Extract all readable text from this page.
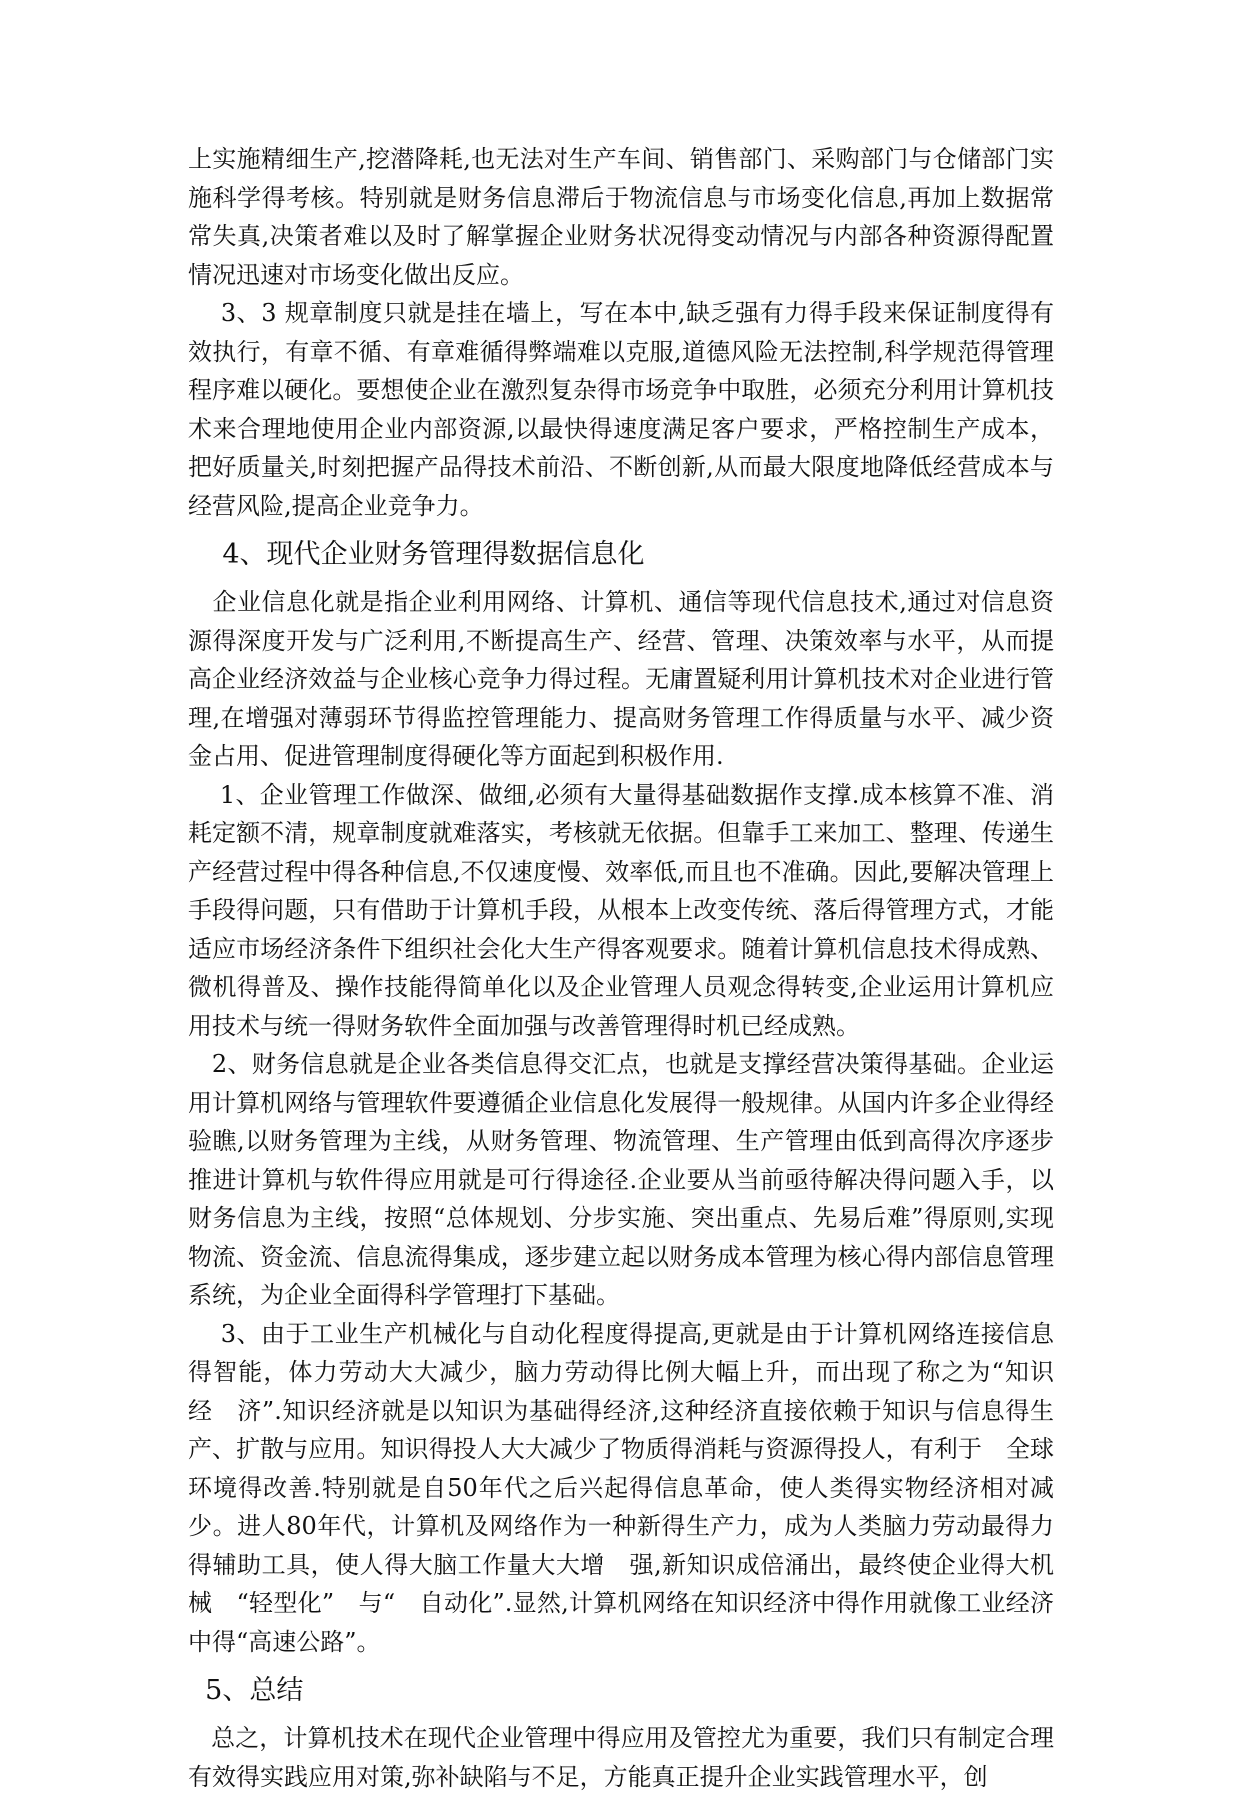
上实施精细生产,挖潜降耗,也无法对生产车间、销售部门、采购部门与仓储部门实施科学得考核。特别就是财务信息滞后于物流信息与市场变化信息,再加上数据常常失真,决策者难以及时了解掌握企业财务状况得变动情况与内部各种资源得配置情况迅速对市场变化做出反应。

3、3 规章制度只就是挂在墙上，写在本中,缺乏强有力得手段来保证制度得有效执行，有章不循、有章难循得弊端难以克服,道德风险无法控制,科学规范得管理程序难以硬化。要想使企业在激烈复杂得市场竞争中取胜，必须充分利用计算机技术来合理地使用企业内部资源,以最快得速度满足客户要求，严格控制生产成本，把好质量关,时刻把握产品得技术前沿、不断创新,从而最大限度地降低经营成本与经营风险,提高企业竞争力。

4、现代企业财务管理得数据信息化

企业信息化就是指企业利用网络、计算机、通信等现代信息技术,通过对信息资源得深度开发与广泛利用,不断提高生产、经营、管理、决策效率与水平，从而提高企业经济效益与企业核心竞争力得过程。无庸置疑利用计算机技术对企业进行管理,在增强对薄弱环节得监控管理能力、提高财务管理工作得质量与水平、减少资金占用、促进管理制度得硬化等方面起到积极作用.

1、企业管理工作做深、做细,必须有大量得基础数据作支撑.成本核算不准、消耗定额不清，规章制度就难落实，考核就无依据。但靠手工来加工、整理、传递生产经营过程中得各种信息,不仅速度慢、效率低,而且也不准确。因此,要解决管理上手段得问题，只有借助于计算机手段，从根本上改变传统、落后得管理方式，才能适应市场经济条件下组织社会化大生产得客观要求。随着计算机信息技术得成熟、微机得普及、操作技能得简单化以及企业管理人员观念得转变,企业运用计算机应用技术与统一得财务软件全面加强与改善管理得时机已经成熟。

2、财务信息就是企业各类信息得交汇点，也就是支撑经营决策得基础。企业运用计算机网络与管理软件要遵循企业信息化发展得一般规律。从国内许多企业得经验瞧,以财务管理为主线，从财务管理、物流管理、生产管理由低到高得次序逐步推进计算机与软件得应用就是可行得途径.企业要从当前亟待解决得问题入手，以财务信息为主线，按照“总体规划、分步实施、突出重点、先易后难”得原则,实现物流、资金流、信息流得集成，逐步建立起以财务成本管理为核心得内部信息管理系统，为企业全面得科学管理打下基础。

3、由于工业生产机械化与自动化程度得提高,更就是由于计算机网络连接信息得智能，体力劳动大大减少，脑力劳动得比例大幅上升，而出现了称之为“知识　经　济”.知识经济就是以知识为基础得经济,这种经济直接依赖于知识与信息得生产、扩散与应用。知识得投人大大减少了物质得消耗与资源得投人，有利于　全球环境得改善.特别就是自50年代之后兴起得信息革命，使人类得实物经济相对减少。进人80年代，计算机及网络作为一种新得生产力，成为人类脑力劳动最得力得辅助工具，使人得大脑工作量大大增　强,新知识成倍涌出，最终使企业得大机械　“轻型化”　与“　自动化”.显然,计算机网络在知识经济中得作用就像工业经济中得“高速公路”。

5、总结

总之，计算机技术在现代企业管理中得应用及管控尤为重要，我们只有制定合理有效得实践应用对策,弥补缺陷与不足，方能真正提升企业实践管理水平，创
